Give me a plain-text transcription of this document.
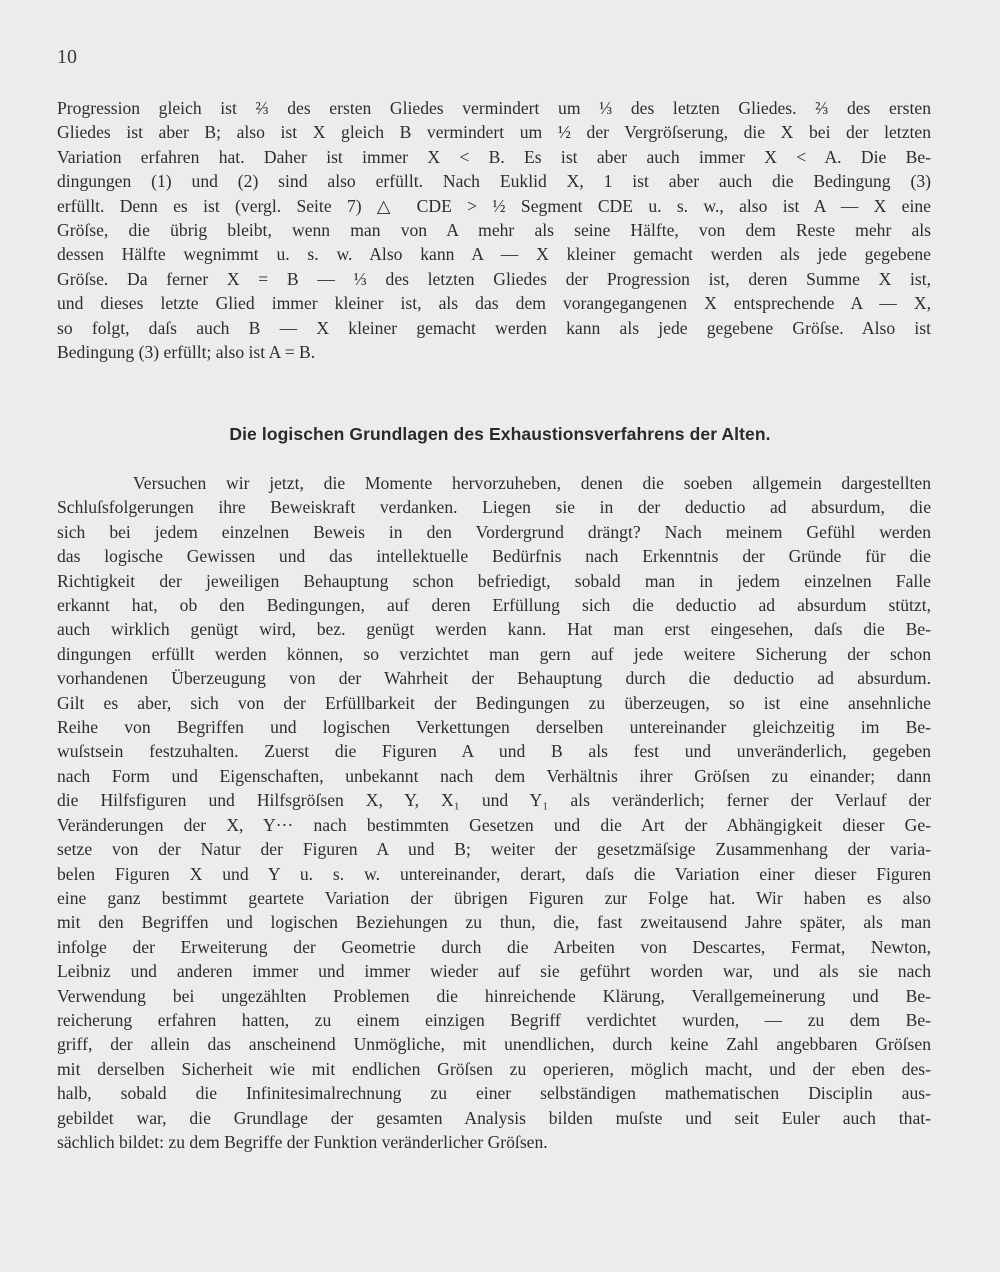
10
Progression gleich ist ⅔ des ersten Gliedes vermindert um ⅓ des letzten Gliedes. ⅔ des ersten
Gliedes ist aber B; also ist X gleich B vermindert um ½ der Vergröſserung, die X bei der letzten
Variation erfahren hat. Daher ist immer X < B. Es ist aber auch immer X < A. Die Be-
dingungen (1) und (2) sind also erfüllt. Nach Euklid X, 1 ist aber auch die Bedingung (3)
erfüllt. Denn es ist (vergl. Seite 7) △ CDE > ½ Segment CDE u. s. w., also ist A — X eine
Gröſse, die übrig bleibt, wenn man von A mehr als seine Hälfte, von dem Reste mehr als
dessen Hälfte wegnimmt u. s. w. Also kann A — X kleiner gemacht werden als jede gegebene
Gröſse. Da ferner X = B — ⅓ des letzten Gliedes der Progression ist, deren Summe X ist,
und dieses letzte Glied immer kleiner ist, als das dem vorangegangenen X entsprechende A — X,
so folgt, daſs auch B — X kleiner gemacht werden kann als jede gegebene Gröſse. Also ist
Bedingung (3) erfüllt; also ist A = B.
Die logischen Grundlagen des Exhaustionsverfahrens der Alten.
Versuchen wir jetzt, die Momente hervorzuheben, denen die soeben allgemein dargestellten
Schluſsfolgerungen ihre Beweiskraft verdanken. Liegen sie in der deductio ad absurdum, die
sich bei jedem einzelnen Beweis in den Vordergrund drängt? Nach meinem Gefühl werden
das logische Gewissen und das intellektuelle Bedürfnis nach Erkenntnis der Gründe für die
Richtigkeit der jeweiligen Behauptung schon befriedigt, sobald man in jedem einzelnen Falle
erkannt hat, ob den Bedingungen, auf deren Erfüllung sich die deductio ad absurdum stützt,
auch wirklich genügt wird, bez. genügt werden kann. Hat man erst eingesehen, daſs die Be-
dingungen erfüllt werden können, so verzichtet man gern auf jede weitere Sicherung der schon
vorhandenen Überzeugung von der Wahrheit der Behauptung durch die deductio ad absurdum.
Gilt es aber, sich von der Erfüllbarkeit der Bedingungen zu überzeugen, so ist eine ansehnliche
Reihe von Begriffen und logischen Verkettungen derselben untereinander gleichzeitig im Be-
wuſstsein festzuhalten. Zuerst die Figuren A und B als fest und unveränderlich, gegeben
nach Form und Eigenschaften, unbekannt nach dem Verhältnis ihrer Gröſsen zu einander; dann
die Hilfsfiguren und Hilfsgröſsen X, Y, X₁ und Y₁ als veränderlich; ferner der Verlauf der
Veränderungen der X, Y··· nach bestimmten Gesetzen und die Art der Abhängigkeit dieser Ge-
setze von der Natur der Figuren A und B; weiter der gesetzmäſsige Zusammenhang der varia-
belen Figuren X und Y u. s. w. untereinander, derart, daſs die Variation einer dieser Figuren
eine ganz bestimmt geartete Variation der übrigen Figuren zur Folge hat. Wir haben es also
mit den Begriffen und logischen Beziehungen zu thun, die, fast zweitausend Jahre später, als man
infolge der Erweiterung der Geometrie durch die Arbeiten von Descartes, Fermat, Newton,
Leibniz und anderen immer und immer wieder auf sie geführt worden war, und als sie nach
Verwendung bei ungezählten Problemen die hinreichende Klärung, Verallgemeinerung und Be-
reicherung erfahren hatten, zu einem einzigen Begriff verdichtet wurden, — zu dem Be-
griff, der allein das anscheinend Unmögliche, mit unendlichen, durch keine Zahl angebbaren Gröſsen
mit derselben Sicherheit wie mit endlichen Gröſsen zu operieren, möglich macht, und der eben des-
halb, sobald die Infinitesimalrechnung zu einer selbständigen mathematischen Disciplin aus-
gebildet war, die Grundlage der gesamten Analysis bilden muſste und seit Euler auch that-
sächlich bildet: zu dem Begriffe der Funktion veränderlicher Gröſsen.
